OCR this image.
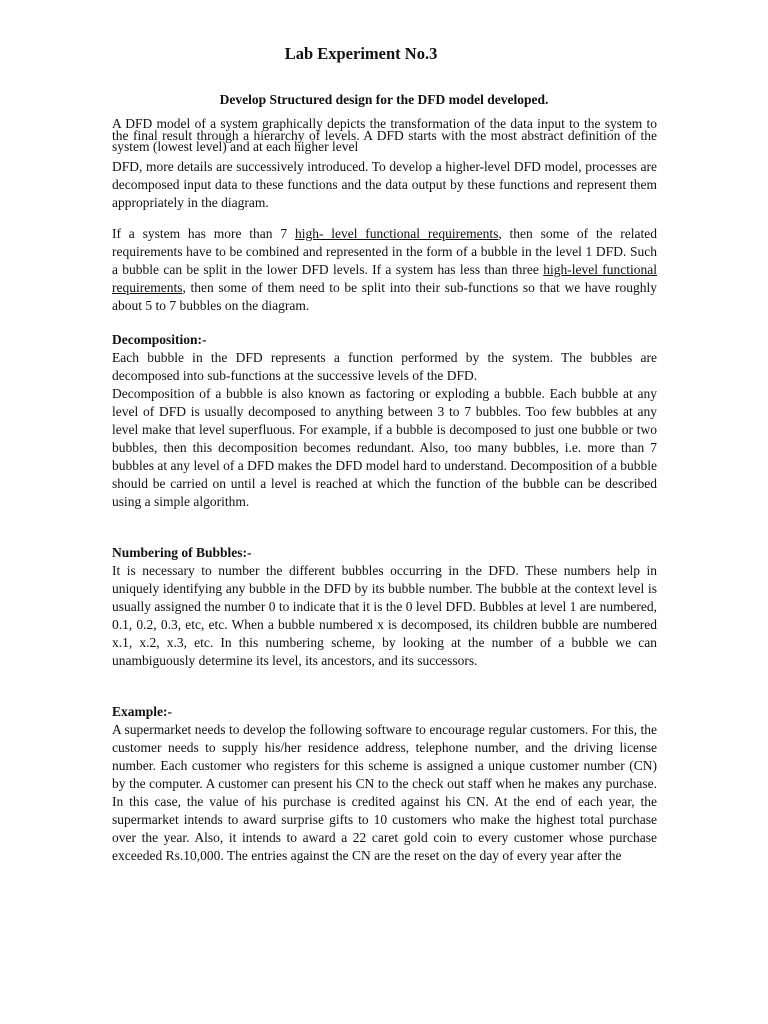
Lab Experiment No.3
Develop Structured design for the DFD model developed.

A DFD model of a system graphically depicts the transformation of the data input to the system to the final result through a hierarchy of levels. A DFD starts with the most abstract definition of the system (lowest level) and at each higher level

DFD, more details are successively introduced. To develop a higher-level DFD model, processes are decomposed input data to these functions and the data output by these functions and represent them appropriately in the diagram.

If a system has more than 7 high- level functional requirements, then some of the related requirements have to be combined and represented in the form of a bubble in the level 1 DFD. Such a bubble can be split in the lower DFD levels. If a system has less than three high-level functional requirements, then some of them need to be split into their sub-functions so that we have roughly about 5 to 7 bubbles on the diagram.

Decomposition:-

Each bubble in the DFD represents a function performed by the system. The bubbles are decomposed into sub-functions at the successive levels of the DFD.

Decomposition of a bubble is also known as factoring or exploding a bubble. Each bubble at any level of DFD is usually decomposed to anything between 3 to 7 bubbles. Too few bubbles at any level make that level superfluous. For example, if a bubble is decomposed to just one bubble or two bubbles, then this decomposition becomes redundant. Also, too many bubbles, i.e. more than 7 bubbles at any level of a DFD makes the DFD model hard to understand. Decomposition of a bubble should be carried on until a level is reached at which the function of the bubble can be described using a simple algorithm.

Numbering of Bubbles:-

It is necessary to number the different bubbles occurring in the DFD. These numbers help in uniquely identifying any bubble in the DFD by its bubble number. The bubble at the context level is usually assigned the number 0 to indicate that it is the 0 level DFD. Bubbles at level 1 are numbered, 0.1, 0.2, 0.3, etc, etc. When a bubble numbered x is decomposed, its children bubble are numbered x.1, x.2, x.3, etc. In this numbering scheme, by looking at the number of a bubble we can unambiguously determine its level, its ancestors, and its successors.

Example:-

A supermarket needs to develop the following software to encourage regular customers. For this, the customer needs to supply his/her residence address, telephone number, and the driving license number. Each customer who registers for this scheme is assigned a unique customer number (CN) by the computer. A customer can present his CN to the check out staff when he makes any purchase. In this case, the value of his purchase is credited against his CN. At the end of each year, the supermarket intends to award surprise gifts to 10 customers who make the highest total purchase over the year. Also, it intends to award a 22 caret gold coin to every customer whose purchase exceeded Rs.10,000. The entries against the CN are the reset on the day of every year after the
